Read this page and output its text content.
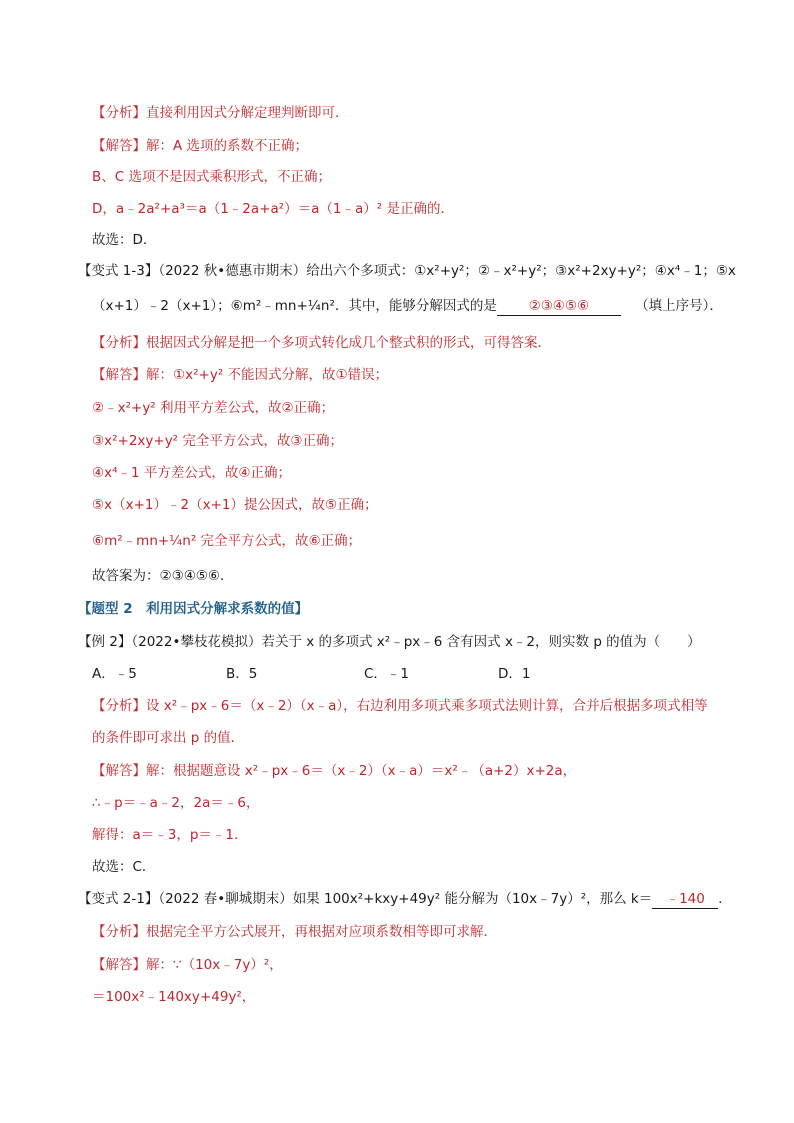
【分析】直接利用因式分解定理判断即可．
【解答】解：A 选项的系数不正确；
B、C 选项不是因式乘积形式，不正确；
D，a﹣2a²+a³＝a（1﹣2a+a²）＝a（1﹣a）² 是正确的．
故选：D．
【变式 1-3】（2022 秋•德惠市期末）给出六个多项式：①x²+y²；②﹣x²+y²；③x²+2xy+y²；④x⁴﹣1；⑤x
（x+1）﹣2（x+1）；⑥m²﹣mn+¼n²．其中，能够分解因式的是 ②③④⑤⑥	（填上序号）．
【分析】根据因式分解是把一个多项式转化成几个整式积的形式，可得答案．
【解答】解：①x²+y² 不能因式分解，故①错误；
②﹣x²+y² 利用平方差公式，故②正确；
③x²+2xy+y² 完全平方公式，故③正确；
④x⁴﹣1 平方差公式，故④正确；
⑤x（x+1）﹣2（x+1）提公因式，故⑤正确；
⑥m²﹣mn+¼n² 完全平方公式，故⑥正确；
故答案为：②③④⑤⑥．
【题型 2　利用因式分解求系数的值】
【例 2】（2022•攀枝花模拟）若关于 x 的多项式 x²﹣px﹣6 含有因式 x﹣2，则实数 p 的值为（　　）
A．﹣5	B．5	C．﹣1	D．1
【分析】设 x²﹣px﹣6＝（x﹣2）（x﹣a），右边利用多项式乘多项式法则计算，合并后根据多项式相等
的条件即可求出 p 的值．
【解答】解：根据题意设 x²﹣px﹣6＝（x﹣2）（x﹣a）＝x²﹣（a+2）x+2a，
∴﹣p＝﹣a﹣2，2a＝﹣6，
解得：a＝﹣3，p＝﹣1．
故选：C．
【变式 2-1】（2022 春•聊城期末）如果 100x²+kxy+49y² 能分解为（10x﹣7y）²，那么 k＝ ﹣140 ．
【分析】根据完全平方公式展开，再根据对应项系数相等即可求解．
【解答】解：∵（10x﹣7y）²，
＝100x²﹣140xy+49y²，
